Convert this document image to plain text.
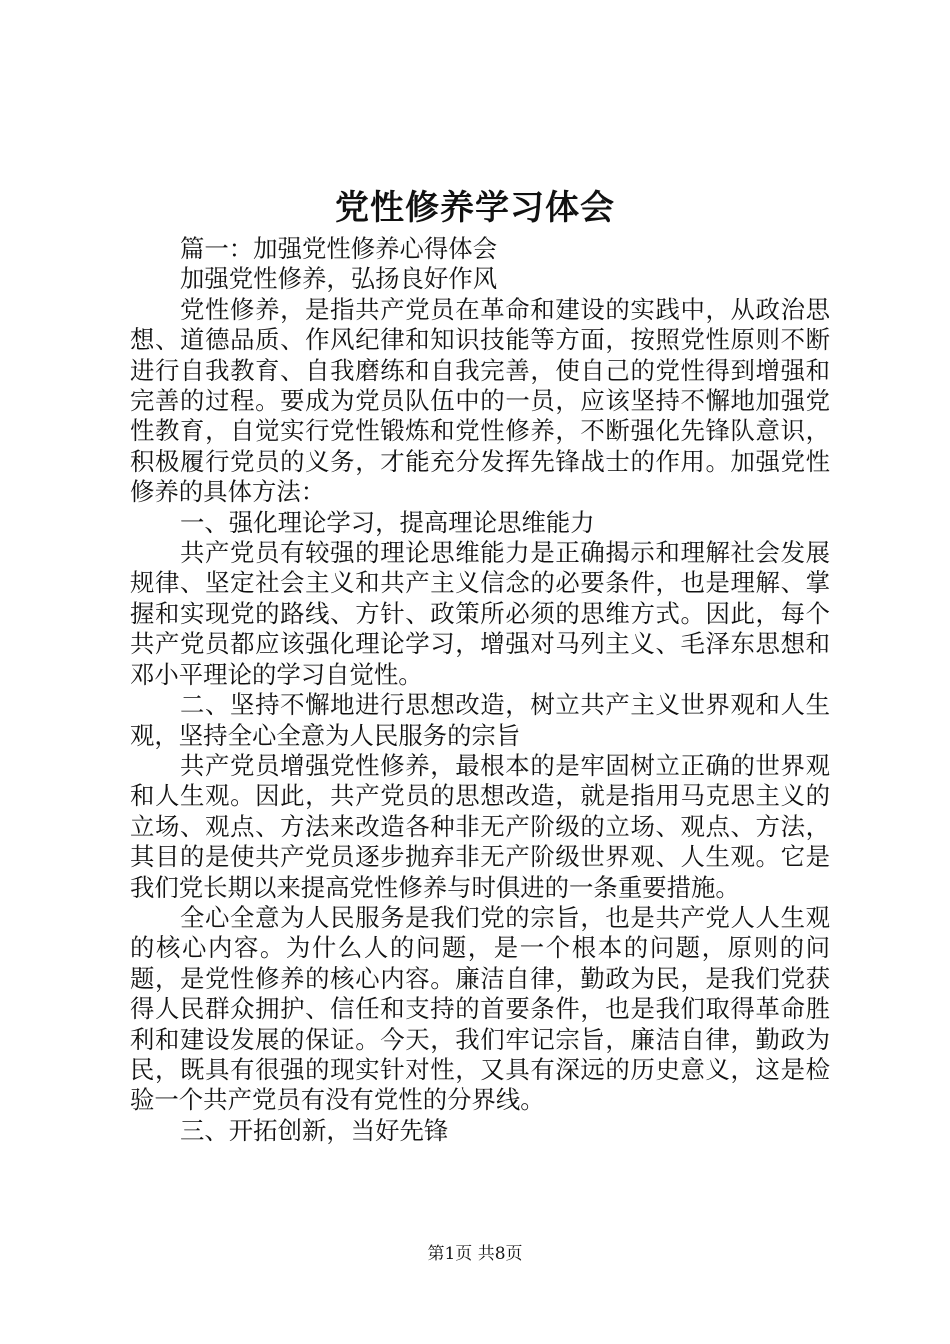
党性修养学习体会

篇一：加强党性修养心得体会

加强党性修养，弘扬良好作风

党性修养，是指共产党员在革命和建设的实践中，从政治思想、道德品质、作风纪律和知识技能等方面，按照党性原则不断进行自我教育、自我磨练和自我完善，使自己的党性得到增强和完善的过程。要成为党员队伍中的一员，应该坚持不懈地加强党性教育，自觉实行党性锻炼和党性修养，不断强化先锋队意识，积极履行党员的义务，才能充分发挥先锋战士的作用。加强党性修养的具体方法：

一、强化理论学习，提高理论思维能力

共产党员有较强的理论思维能力是正确揭示和理解社会发展规律、坚定社会主义和共产主义信念的必要条件，也是理解、掌握和实现党的路线、方针、政策所必须的思维方式。因此，每个共产党员都应该强化理论学习，增强对马列主义、毛泽东思想和邓小平理论的学习自觉性。

二、坚持不懈地进行思想改造，树立共产主义世界观和人生观，坚持全心全意为人民服务的宗旨

共产党员增强党性修养，最根本的是牢固树立正确的世界观和人生观。因此，共产党员的思想改造，就是指用马克思主义的立场、观点、方法来改造各种非无产阶级的立场、观点、方法，其目的是使共产党员逐步抛弃非无产阶级世界观、人生观。它是我们党长期以来提高党性修养与时俱进的一条重要措施。

全心全意为人民服务是我们党的宗旨，也是共产党人人生观的核心内容。为什么人的问题，是一个根本的问题，原则的问题，是党性修养的核心内容。廉洁自律，勤政为民，是我们党获得人民群众拥护、信任和支持的首要条件，也是我们取得革命胜利和建设发展的保证。今天，我们牢记宗旨，廉洁自律，勤政为民，既具有很强的现实针对性，又具有深远的历史意义，这是检验一个共产党员有没有党性的分界线。

三、开拓创新，当好先锋

第1页 共8页
